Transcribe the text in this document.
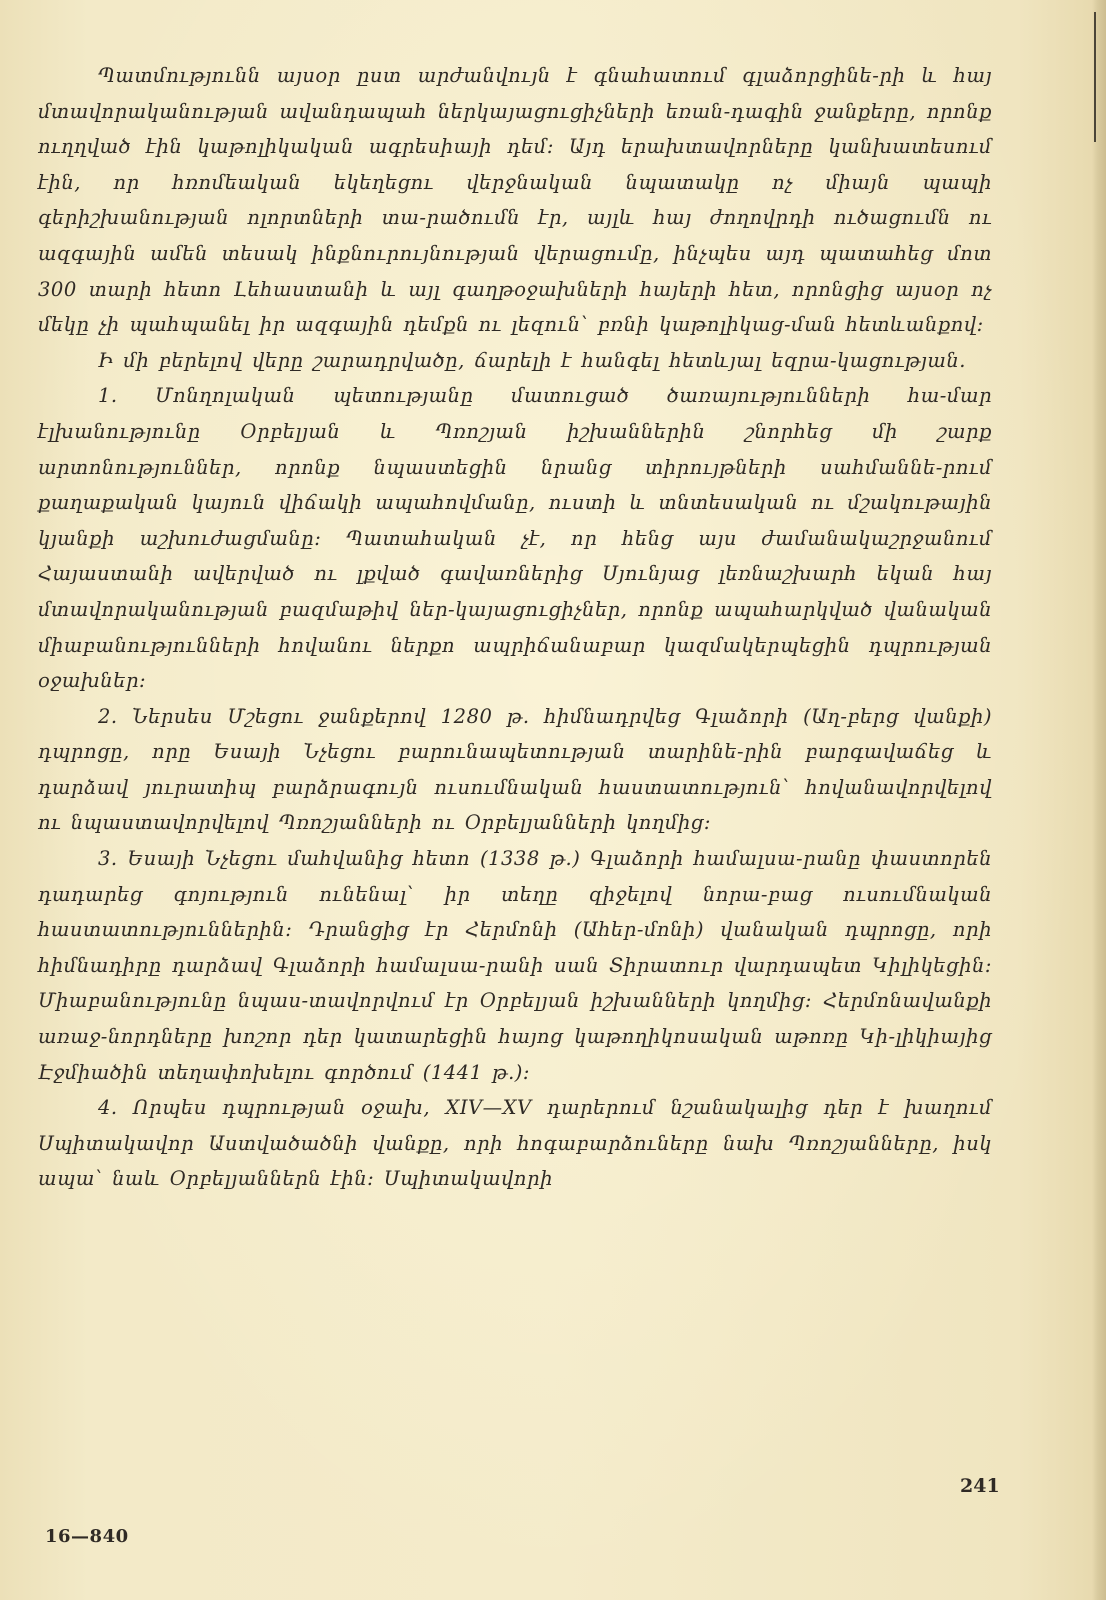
Պատմությունն այսօր ըստ արժանվույն է գնահատում գլաձորցինե-րի և հայ մտավորականության ավանդապահ ներկայացուցիչների եռան-դագին ջանքերը, որոնք ուղղված էին կաթոլիկական ագրեսիայի դեմ։ Այդ երախտավորները կանխատեսում էին, որ հռոմեական եկեղեցու վերջնական նպատակը ոչ միայն պապի գերիշխանության ոլորտների տա-րածումն էր, այլև հայ ժողովրդի ուծացումն ու ազգային ամեն տեսակ ինքնուրույնության վերացումը, ինչպես այդ պատահեց մոտ 300 տարի հետո Լեհաստանի և այլ գաղթօջախների հայերի հետ, որոնցից այսօր ոչ մեկը չի պահպանել իր ազգային դեմքն ու լեզուն՝ բռնի կաթոլիկաց-ման հետևանքով։

Ի մի բերելով վերը շարադրվածը, ճարելի է հանգել հետևյալ եզրա-կացության.

1. Մոնղոլական պետությանը մատուցած ծառայությունների հա-մար էլխանությունը Օրբելյան և Պռոշյան իշխաններին շնորհեց մի շարք արտոնություններ, որոնք նպաստեցին նրանց տիրույթների սահմաննե-րում քաղաքական կայուն վիճակի ապահովմանը, ուստի և տնտեսական ու մշակութային կյանքի աշխուժացմանը։ Պատահական չէ, որ հենց այս ժամանակաշրջանում Հայաստանի ավերված ու լքված գավառներից Սյունյաց լեռնաշխարհ եկան հայ մտավորականության բազմաթիվ ներ-կայացուցիչներ, որոնք ապահարկված վանական միաբանությունների հովանու ներքո ապրիճանաբար կազմակերպեցին դպրության օջախներ։

2. Ներսես Մշեցու ջանքերով 1280 թ. հիմնադրվեց Գլաձորի (Աղ-բերց վանքի) դպրոցը, որը Եսայի Նչեցու բարունապետության տարինե-րին բարգավաճեց և դարձավ յուրատիպ բարձրագույն ուսումնական հաստատություն՝ հովանավորվելով ու նպաստավորվելով Պռոշյանների ու Օրբելյանների կողմից։

3. Եսայի Նչեցու մահվանից հետո (1338 թ.) Գլաձորի համալսա-րանը փաստորեն դադարեց գոյություն ունենալ՝ իր տեղը զիջելով նորա-բաց ուսումնական հաստատություններին։ Դրանցից էր Հերմոնի (Ահեր-մոնի) վանական դպրոցը, որի հիմնադիրը դարձավ Գլաձորի համալսա-րանի սան Տիրատուր վարդապետ Կիլիկեցին։ Միաբանությունը նպաս-տավորվում էր Օրբելյան իշխանների կողմից։ Հերմոնավանքի առաջ-նորդները խոշոր դեր կատարեցին հայոց կաթողիկոսական աթոռը Կի-լիկիայից Էջմիածին տեղափոխելու գործում (1441 թ.)։

4. Որպես դպրության օջախ, XIV—XV դարերում նշանակալից դեր է խաղում Սպիտակավոր Աստվածածնի վանքը, որի հոգաբարձուները նախ Պռոշյանները, իսկ ապա՝ նաև Օրբելյաններն էին։ Սպիտակավորի

241
16—840
